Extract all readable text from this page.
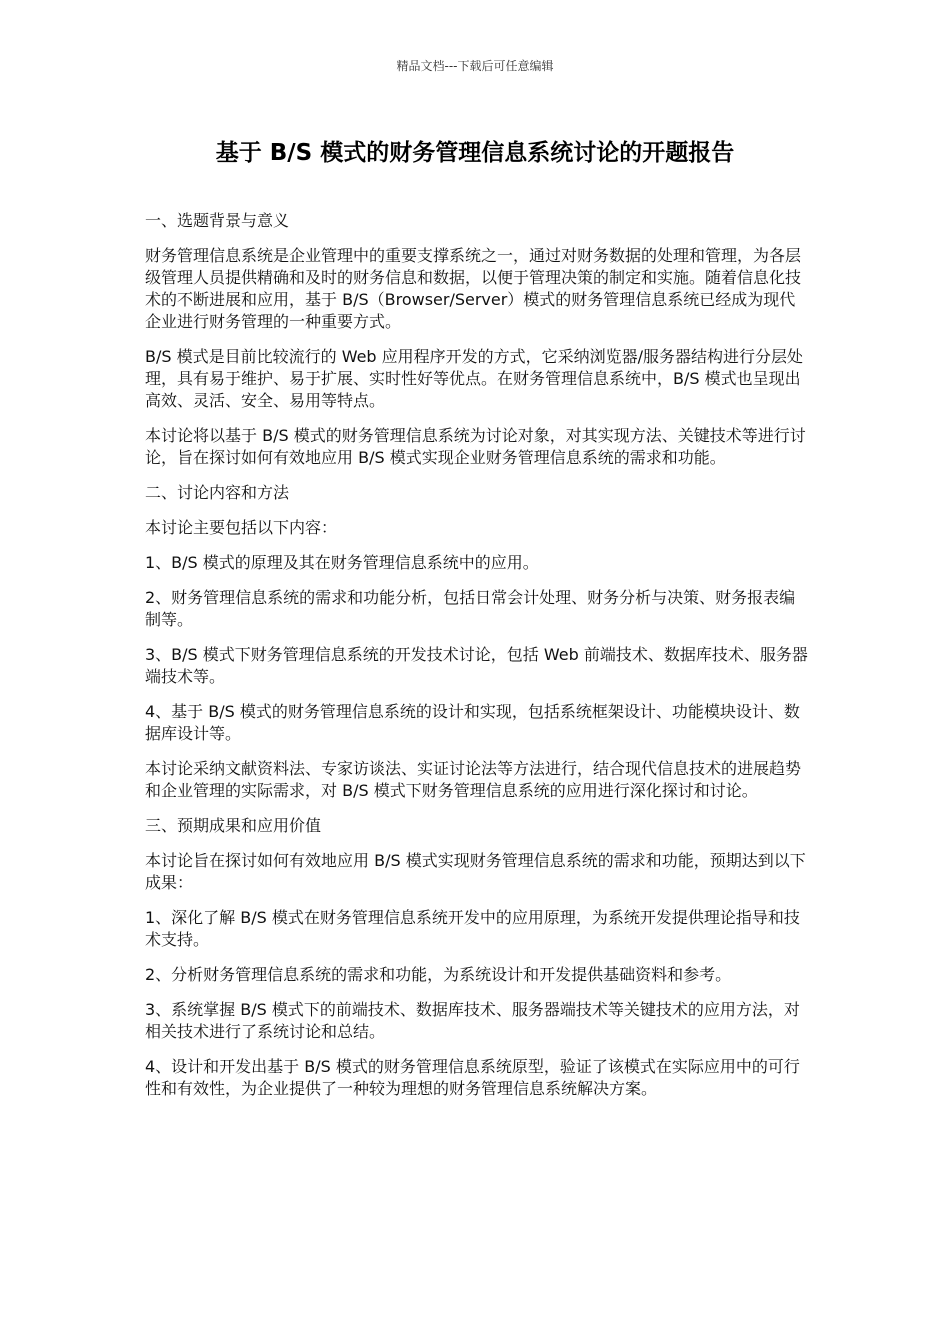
精品文档---下载后可任意编辑
基于 B/S 模式的财务管理信息系统讨论的开题报告

一、选题背景与意义

财务管理信息系统是企业管理中的重要支撑系统之一，通过对财务数据的处理和管理，为各层级管理人员提供精确和及时的财务信息和数据，以便于管理决策的制定和实施。随着信息化技术的不断进展和应用，基于 B/S（Browser/Server）模式的财务管理信息系统已经成为现代企业进行财务管理的一种重要方式。

B/S 模式是目前比较流行的 Web 应用程序开发的方式，它采纳浏览器/服务器结构进行分层处理，具有易于维护、易于扩展、实时性好等优点。在财务管理信息系统中，B/S 模式也呈现出高效、灵活、安全、易用等特点。

本讨论将以基于 B/S 模式的财务管理信息系统为讨论对象，对其实现方法、关键技术等进行讨论，旨在探讨如何有效地应用 B/S 模式实现企业财务管理信息系统的需求和功能。

二、讨论内容和方法

本讨论主要包括以下内容：

1、B/S 模式的原理及其在财务管理信息系统中的应用。

2、财务管理信息系统的需求和功能分析，包括日常会计处理、财务分析与决策、财务报表编制等。

3、B/S 模式下财务管理信息系统的开发技术讨论，包括 Web 前端技术、数据库技术、服务器端技术等。

4、基于 B/S 模式的财务管理信息系统的设计和实现，包括系统框架设计、功能模块设计、数据库设计等。

本讨论采纳文献资料法、专家访谈法、实证讨论法等方法进行，结合现代信息技术的进展趋势和企业管理的实际需求，对 B/S 模式下财务管理信息系统的应用进行深化探讨和讨论。

三、预期成果和应用价值

本讨论旨在探讨如何有效地应用 B/S 模式实现财务管理信息系统的需求和功能，预期达到以下成果：

1、深化了解 B/S 模式在财务管理信息系统开发中的应用原理，为系统开发提供理论指导和技术支持。

2、分析财务管理信息系统的需求和功能，为系统设计和开发提供基础资料和参考。

3、系统掌握 B/S 模式下的前端技术、数据库技术、服务器端技术等关键技术的应用方法，对相关技术进行了系统讨论和总结。

4、设计和开发出基于 B/S 模式的财务管理信息系统原型，验证了该模式在实际应用中的可行性和有效性，为企业提供了一种较为理想的财务管理信息系统解决方案。
